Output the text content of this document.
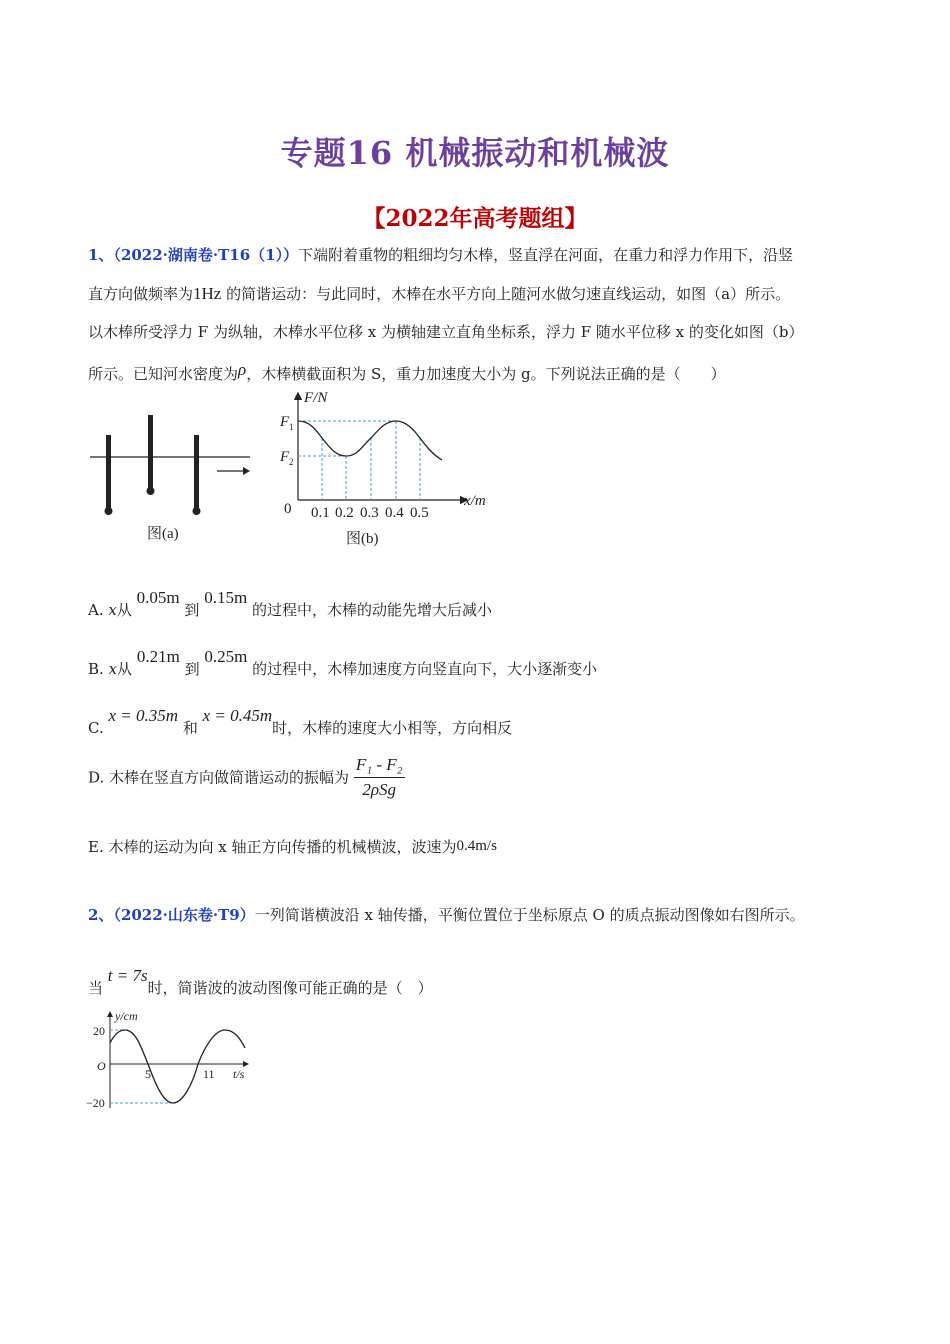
专题16 机械振动和机械波
【2022年高考题组】
1、（2022·湖南卷·T16（1））下端附着重物的粗细均匀木棒，竖直浮在河面，在重力和浮力作用下，沿竖
直方向做频率为1Hz 的简谐运动：与此同时，木棒在水平方向上随河水做匀速直线运动，如图（a）所示。
以木棒所受浮力 F 为纵轴，木棒水平位移 x 为横轴建立直角坐标系，浮力 F 随水平位移 x 的变化如图（b）
所示。已知河水密度为ρ，木棒横截面积为 S，重力加速度大小为 g。下列说法正确的是（　　）
图(a)
F/N
x/m
F 1
F 2
0 0.1 0.2 0.3 0.4 0.5
图(b)
A. x从 0.05m 到 0.15m 的过程中，木棒的动能先增大后减小
B. x从 0.21m 到 0.25m 的过程中，木棒加速度方向竖直向下，大小逐渐变小
C. x = 0.35m 和 x = 0.45m时，木棒的速度大小相等，方向相反
D. 木棒在竖直方向做简谐运动的振幅为 $\frac{\text{F₁ - F₂}}{\text{2ρSg}}$
E. 木棒的运动为向 x 轴正方向传播的机械横波，波速为0.4m/s
2、（2022·山东卷·T9）一列简谐横波沿 x 轴传播，平衡位置位于坐标原点 O 的质点振动图像如右图所示。
当 t = 7s时，简谐波的波动图像可能正确的是（　）
y/cm
t/s
20
−20
O
5	11
